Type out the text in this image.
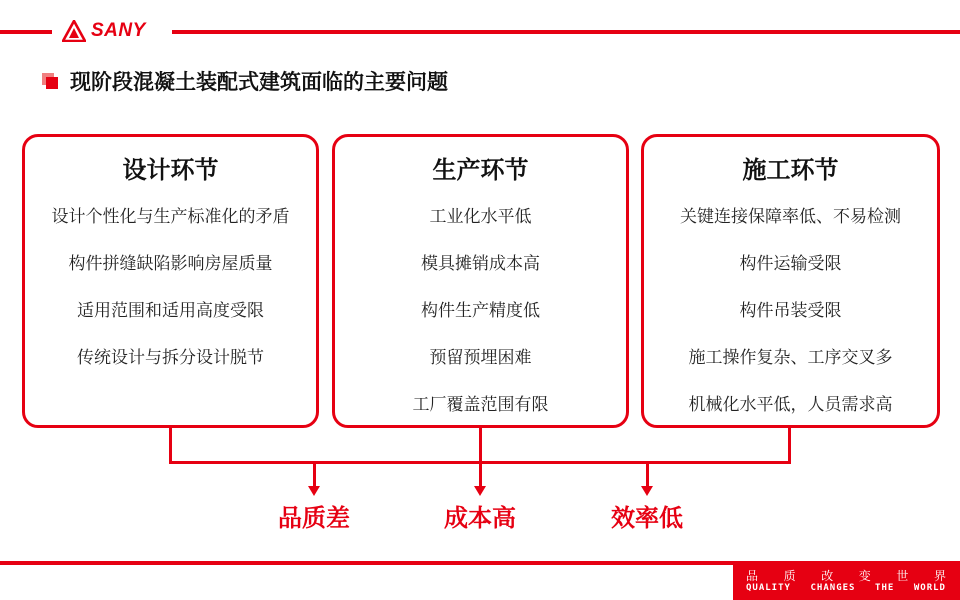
SANY
现阶段混凝土装配式建筑面临的主要问题
设计环节
设计个性化与生产标准化的矛盾
构件拼缝缺陷影响房屋质量
适用范围和适用高度受限
传统设计与拆分设计脱节
生产环节
工业化水平低
模具摊销成本高
构件生产精度低
预留预埋困难
工厂覆盖范围有限
施工环节
关键连接保障率低、不易检测
构件运输受限
构件吊装受限
施工操作复杂、工序交叉多
机械化水平低，人员需求高
品质差	成本高	效率低
品 质 改 变 世 界
QUALITY CHANGES THE WORLD
